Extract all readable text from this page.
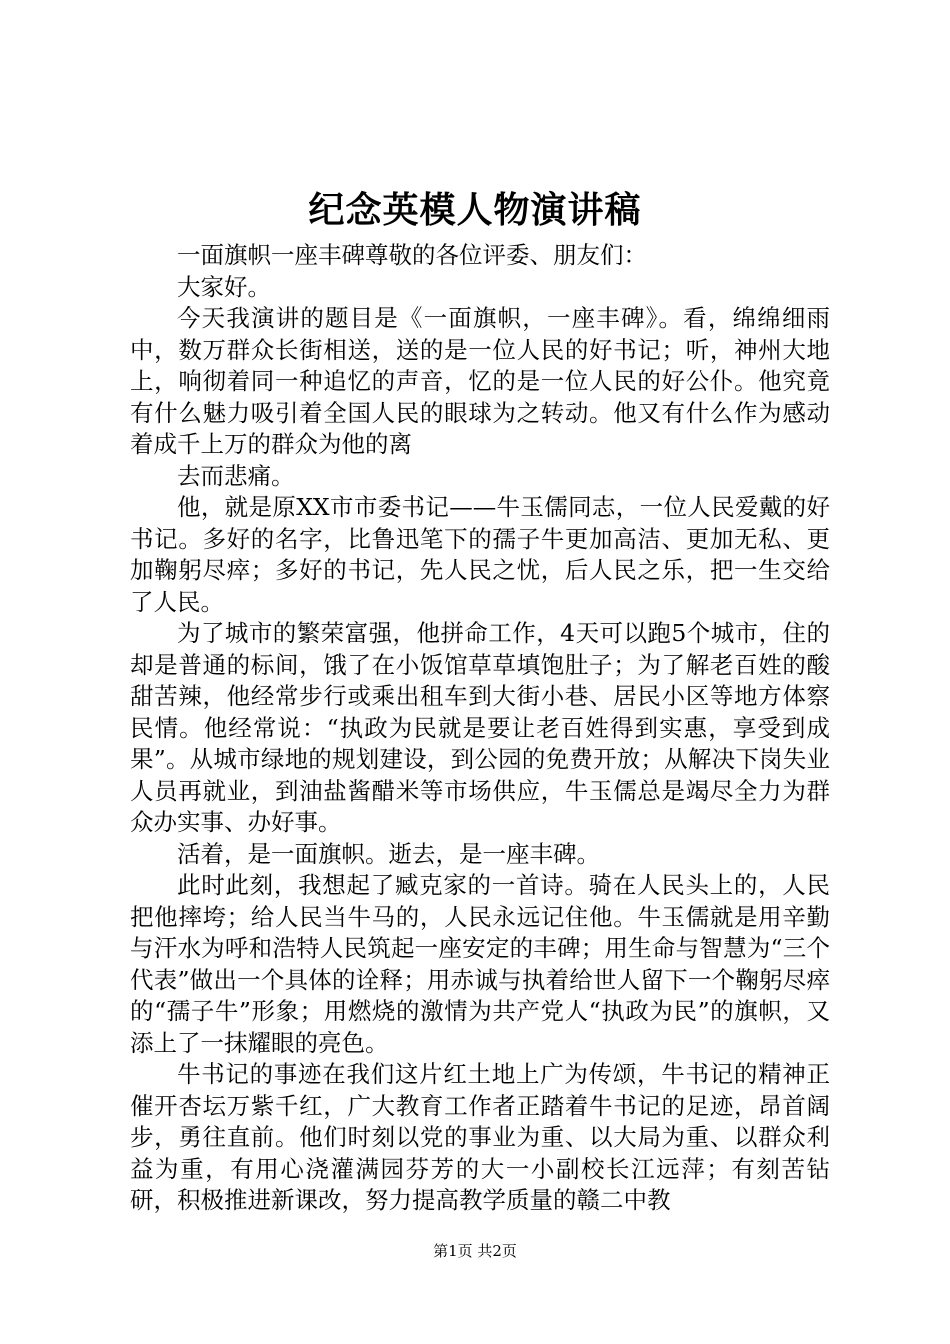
纪念英模人物演讲稿

一面旗帜一座丰碑尊敬的各位评委、朋友们：

大家好。

今天我演讲的题目是《一面旗帜，一座丰碑》。看，绵绵细雨中，数万群众长街相送，送的是一位人民的好书记；听，神州大地上，响彻着同一种追忆的声音，忆的是一位人民的好公仆。他究竟有什么魅力吸引着全国人民的眼球为之转动。他又有什么作为感动着成千上万的群众为他的离

去而悲痛。

他，就是原XX市市委书记——牛玉儒同志，一位人民爱戴的好书记。多好的名字，比鲁迅笔下的孺子牛更加高洁、更加无私、更加鞠躬尽瘁；多好的书记，先人民之忧，后人民之乐，把一生交给了人民。

为了城市的繁荣富强，他拼命工作，4天可以跑5个城市，住的却是普通的标间，饿了在小饭馆草草填饱肚子；为了解老百姓的酸甜苦辣，他经常步行或乘出租车到大街小巷、居民小区等地方体察民情。他经常说：“执政为民就是要让老百姓得到实惠，享受到成果”。从城市绿地的规划建设，到公园的免费开放；从解决下岗失业人员再就业，到油盐酱醋米等市场供应，牛玉儒总是竭尽全力为群众办实事、办好事。

活着，是一面旗帜。逝去，是一座丰碑。

此时此刻，我想起了臧克家的一首诗。骑在人民头上的，人民把他摔垮；给人民当牛马的，人民永远记住他。牛玉儒就是用辛勤与汗水为呼和浩特人民筑起一座安定的丰碑；用生命与智慧为“三个代表”做出一个具体的诠释；用赤诚与执着给世人留下一个鞠躬尽瘁的“孺子牛”形象；用燃烧的激情为共产党人“执政为民”的旗帜，又添上了一抹耀眼的亮色。

牛书记的事迹在我们这片红土地上广为传颂，牛书记的精神正催开杏坛万紫千红，广大教育工作者正踏着牛书记的足迹，昂首阔步，勇往直前。他们时刻以党的事业为重、以大局为重、以群众利益为重，有用心浇灌满园芬芳的大一小副校长江远萍；有刻苦钻研，积极推进新课改，努力提高教学质量的赣二中教

第1页 共2页
